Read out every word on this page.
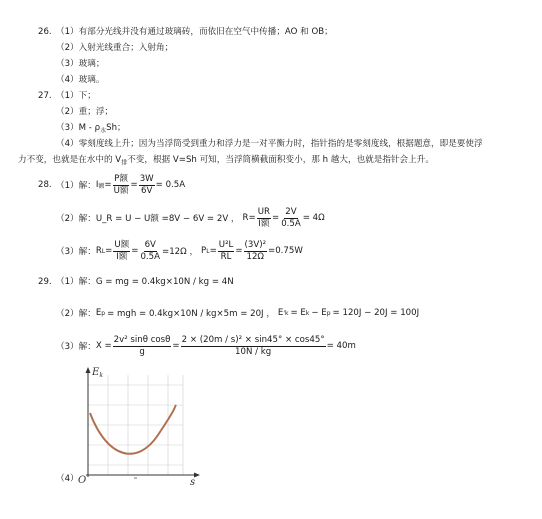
26. （1）有部分光线并没有通过玻璃砖，而依旧在空气中传播；AO 和 OB；
（2）入射光线重合；入射角；
（3）玻璃；
（4）玻璃。
27. （1）下；
（2）重；浮；
$(3)M - \rho_水Sh$；
（4）零刻度线上升；因为当浮筒受到重力和浮力是一对平衡力时，指针指的是零刻度线，根据题意，即是要使浮
力不变，也就是在水中的 $V_排$不变，根据 V=Sh 可知，当浮筒横截面积变小，那 h 越大，也就是指针会上升。
28. （1）解： I 额 = $\frac{\text{P额}}{\text{U额}} = \frac{3W}{6V} = 0.5A$
（2）解： U_R = U − U额 =8V − 6V = 2V ， $R = \frac{UR}{\text{I额}} = \frac{2V}{0.5A} = 4\Omega$
（3）解： R $L = \frac{\text{U额}}{\text{I额}} = \frac{6V}{0.5A} =12\Omega$ ， P $L = \frac{\text{U²L}}{RL} = \frac{\text{(3V)²}}{12\Omega} =0.75W$
29. （1）解：G = mg = 0.4kg×10N / kg = 4N
（2）解： E p = mgh = 0.4kg×10N / kg×5m = 20J ， E ' k = E k − E p = 120J − 20J = 100J
（3）解： $X = \frac{\text{2v² sinθ cosθ}}{g} = \frac{\text{2 × (20m / s)² × sin45° × cos45°}}{10N / kg} = 40m$
（4）
$E_k$
s
O
